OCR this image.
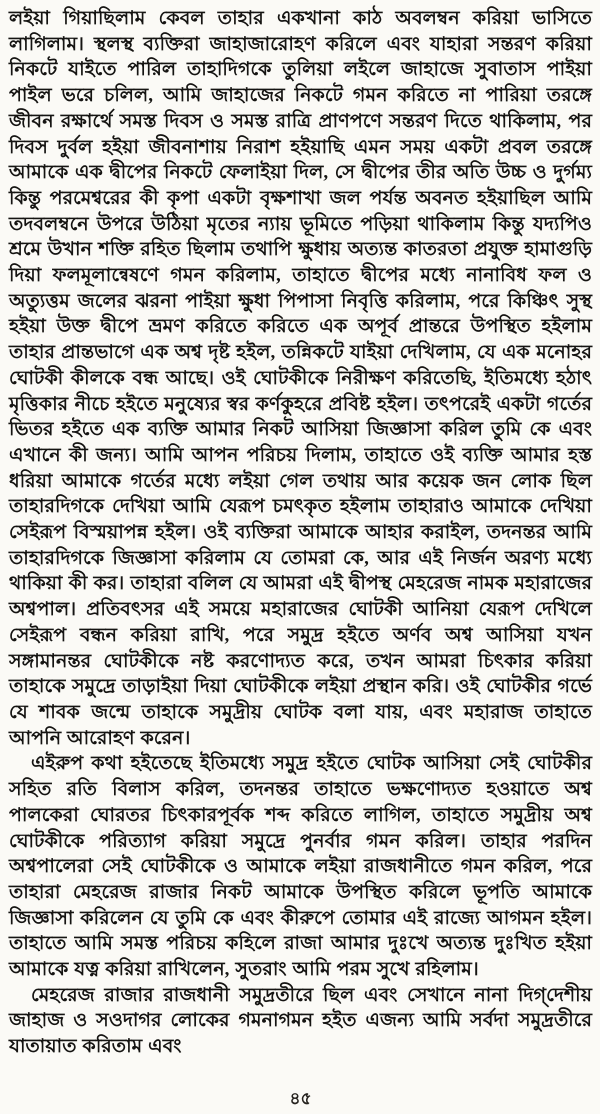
লইয়া গিয়াছিলাম কেবল তাহার একখানা কাঠ অবলম্বন করিয়া ভাসিতে লাগিলাম। স্থলস্থ ব্যক্তিরা জাহাজারোহণ করিলে এবং যাহারা সন্তরণ করিয়া নিকটে যাইতে পারিল তাহাদিগকে তুলিয়া লইলে জাহাজে সুবাতাস পাইয়া পাইল ভরে চলিল, আমি জাহাজের নিকটে গমন করিতে না পারিয়া তরঙ্গে জীবন রক্ষার্থে সমস্ত দিবস ও সমস্ত রাত্রি প্রাণপণে সন্তরণ দিতে থাকিলাম, পর দিবস দুর্বল হইয়া জীবনাশায় নিরাশ হইয়াছি এমন সময় একটা প্রবল তরঙ্গে আমাকে এক দ্বীপের নিকটে ফেলাইয়া দিল, সে দ্বীপের তীর অতি উচ্চ ও দুর্গম্য কিন্তু পরমেশ্বরের কী কৃপা একটা বৃক্ষশাখা জল পর্যন্ত অবনত হইয়াছিল আমি তদবলম্বনে উপরে উঠিয়া মৃতের ন্যায় ভূমিতে পড়িয়া থাকিলাম কিন্তু যদ্যপিও শ্রমে উখান শক্তি রহিত ছিলাম তথাপি ক্ষুধায় অত্যন্ত কাতরতা প্রযুক্ত হামাগুড়ি দিয়া ফলমূলান্বেষণে গমন করিলাম, তাহাতে দ্বীপের মধ্যে নানাবিধ ফল ও অত্যুত্তম জলের ঝরনা পাইয়া ক্ষুধা পিপাসা নিবৃত্তি করিলাম, পরে কিঞ্চিৎ সুস্থ হইয়া উক্ত দ্বীপে ভ্রমণ করিতে করিতে এক অপূর্ব প্রান্তরে উপস্থিত হইলাম তাহার প্রান্তভাগে এক অশ্ব দৃষ্ট হইল, তন্নিকটে যাইয়া দেখিলাম, যে এক মনোহর ঘোটকী কীলকে বন্ধ আছে। ওই ঘোটকীকে নিরীক্ষণ করিতেছি, ইতিমধ্যে হঠাৎ মৃত্তিকার নীচে হইতে মনুষ্যের স্বর কর্ণকুহরে প্রবিষ্ট হইল। তৎপরেই একটা গর্তের ভিতর হইতে এক ব্যক্তি আমার নিকট আসিয়া জিজ্ঞাসা করিল তুমি কে এবং এখানে কী জন্য। আমি আপন পরিচয় দিলাম, তাহাতে ওই ব্যক্তি আমার হস্ত ধরিয়া আমাকে গর্তের মধ্যে লইয়া গেল তথায় আর কয়েক জন লোক ছিল তাহারদিগকে দেখিয়া আমি যেরূপ চমৎকৃত হইলাম তাহারাও আমাকে দেখিয়া সেইরূপ বিস্ময়াপন্ন হইল। ওই ব্যক্তিরা আমাকে আহার করাইল, তদনন্তর আমি তাহারদিগকে জিজ্ঞাসা করিলাম যে তোমরা কে, আর এই নির্জন অরণ্য মধ্যে থাকিয়া কী কর। তাহারা বলিল যে আমরা এই দ্বীপস্থ মেহরেজ নামক মহারাজের অশ্বপাল। প্রতিবৎসর এই সময়ে মহারাজের ঘোটকী আনিয়া যেরূপ দেখিলে সেইরূপ বন্ধন করিয়া রাখি, পরে সমুদ্র হইতে অর্ণব অশ্ব আসিয়া যখন সঙ্গামানন্তর ঘোটকীকে নষ্ট করণোদ্যত করে, তখন আমরা চিৎকার করিয়া তাহাকে সমুদ্রে তাড়াইয়া দিয়া ঘোটকীকে লইয়া প্রস্থান করি। ওই ঘোটকীর গর্ভে যে শাবক জন্মে তাহাকে সমুদ্রীয় ঘোটক বলা যায়, এবং মহারাজ তাহাতে আপনি আরোহণ করেন।

এইরুপ কথা হইতেছে ইতিমধ্যে সমুদ্র হইতে ঘোটক আসিয়া সেই ঘোটকীর সহিত রতি বিলাস করিল, তদনন্তর তাহাতে ভক্ষণোদ্যত হওয়াতে অশ্ব পালকেরা ঘোরতর চিৎকারপূর্বক শব্দ করিতে লাগিল, তাহাতে সমুদ্রীয় অশ্ব ঘোটকীকে পরিত্যাগ করিয়া সমুদ্রে পুনর্বার গমন করিল। তাহার পরদিন অশ্বপালেরা সেই ঘোটকীকে ও আমাকে লইয়া রাজধানীতে গমন করিল, পরে তাহারা মেহরেজ রাজার নিকট আমাকে উপস্থিত করিলে ভূপতি আমাকে জিজ্ঞাসা করিলেন যে তুমি কে এবং কীরুপে তোমার এই রাজ্যে আগমন হইল। তাহাতে আমি সমস্ত পরিচয় কহিলে রাজা আমার দুঃখে অত্যন্ত দুঃখিত হইয়া আমাকে যত্ন করিয়া রাখিলেন, সুতরাং আমি পরম সুখে রহিলাম।

মেহরেজ রাজার রাজধানী সমুদ্রতীরে ছিল এবং সেখানে নানা দিগ্‌দেশীয় জাহাজ ও সওদাগর লোকের গমনাগমন হইত এজন্য আমি সর্বদা সমুদ্রতীরে যাতায়াত করিতাম এবং

৪৫
